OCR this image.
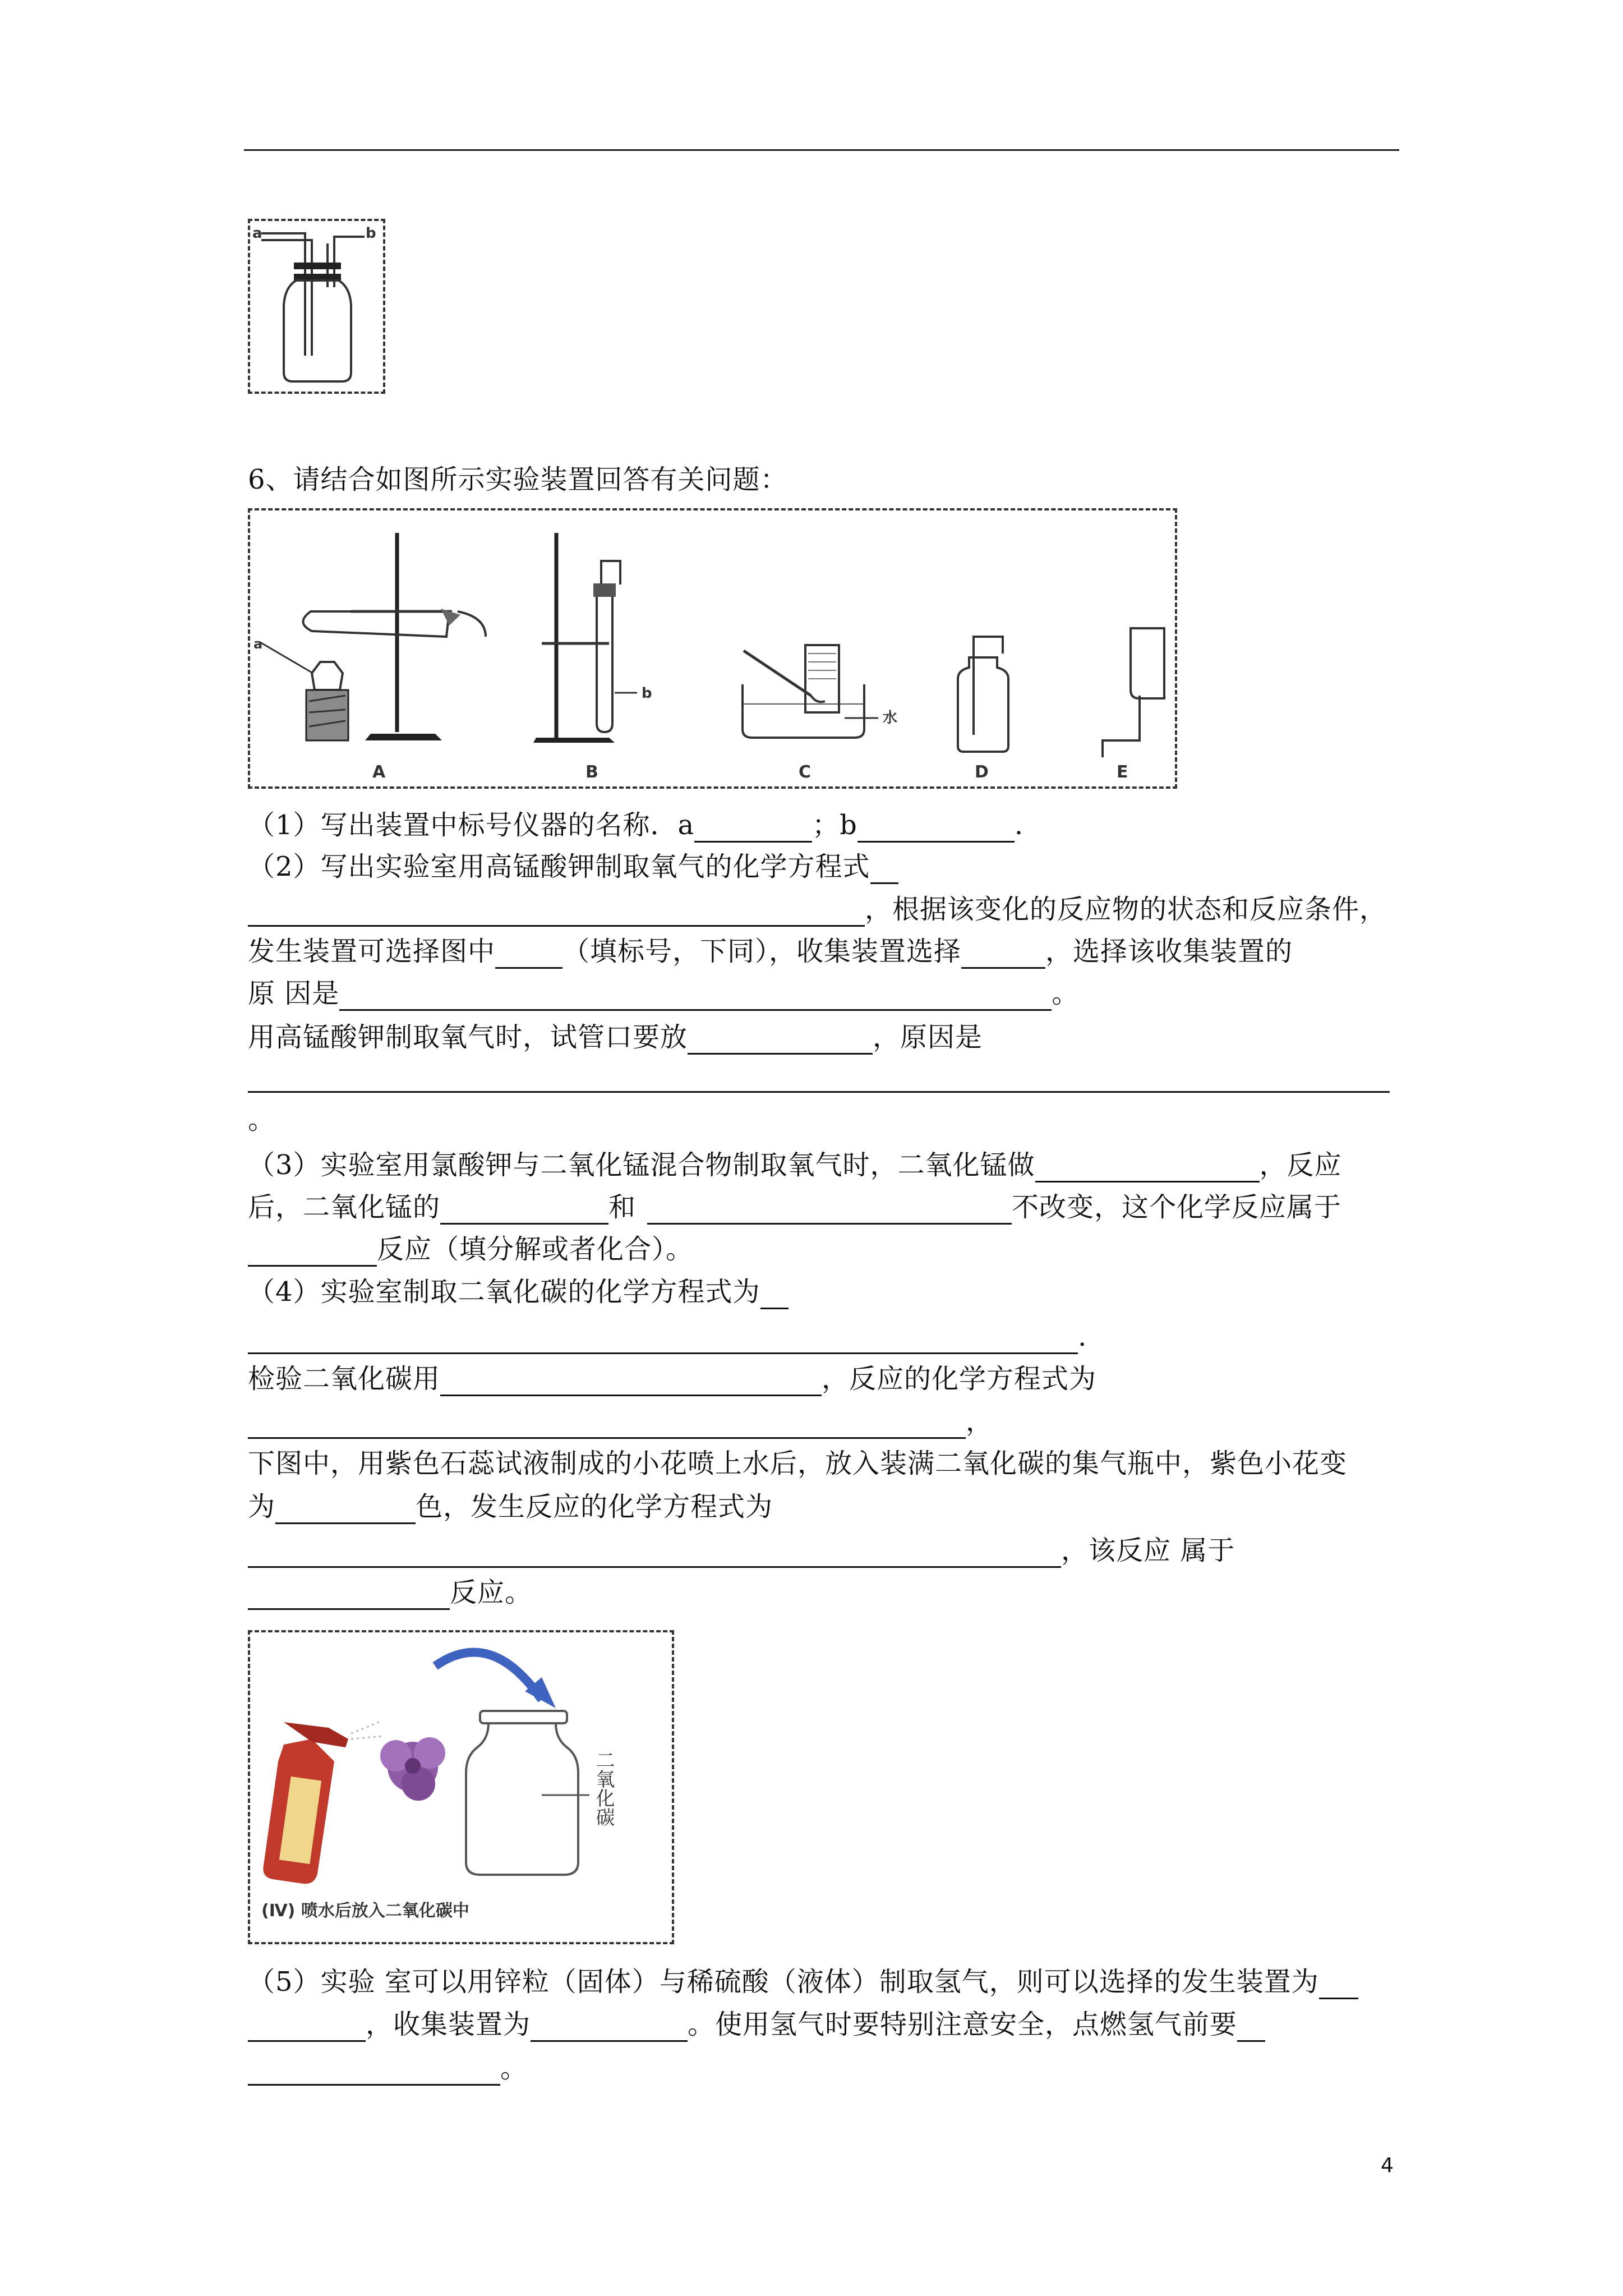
a	b
6、请结合如图所示实验装置回答有关问题：
a
A
b
B
水
C	D	E
（1）写出装置中标号仪器的名称．a	；b	.
（2）写出实验室用高锰酸钾制取氧气的化学方程式
，根据该变化的反应物的状态和反应条件，
发生装置可选择图中	（填标号，下同），收集装置选择	，选择该收集装置的
原 因是	。
用高锰酸钾制取氧气时，试管口要放	，原因是
。
（3）实验室用氯酸钾与二氧化锰混合物制取氧气时，二氧化锰做	，反应
后，二氧化锰的	和	不改变，这个化学反应属于
反应（填分解或者化合）。
（4）实验室制取二氧化碳的化学方程式为
.
检验二氧化碳用	，反应的化学方程式为
，
下图中，用紫色石蕊试液制成的小花喷上水后，放入装满二氧化碳的集气瓶中，紫色小花变
为	色，发生反应的化学方程式为
，该反应 属于
反应。
二氧化碳
(Ⅳ) 喷水后放入二氧化碳中
（5）实验 室可以用锌粒（固体）与稀硫酸（液体）制取氢气，则可以选择的发生装置为
，收集装置为	。使用氢气时要特别注意安全，点燃氢气前要
。
4
